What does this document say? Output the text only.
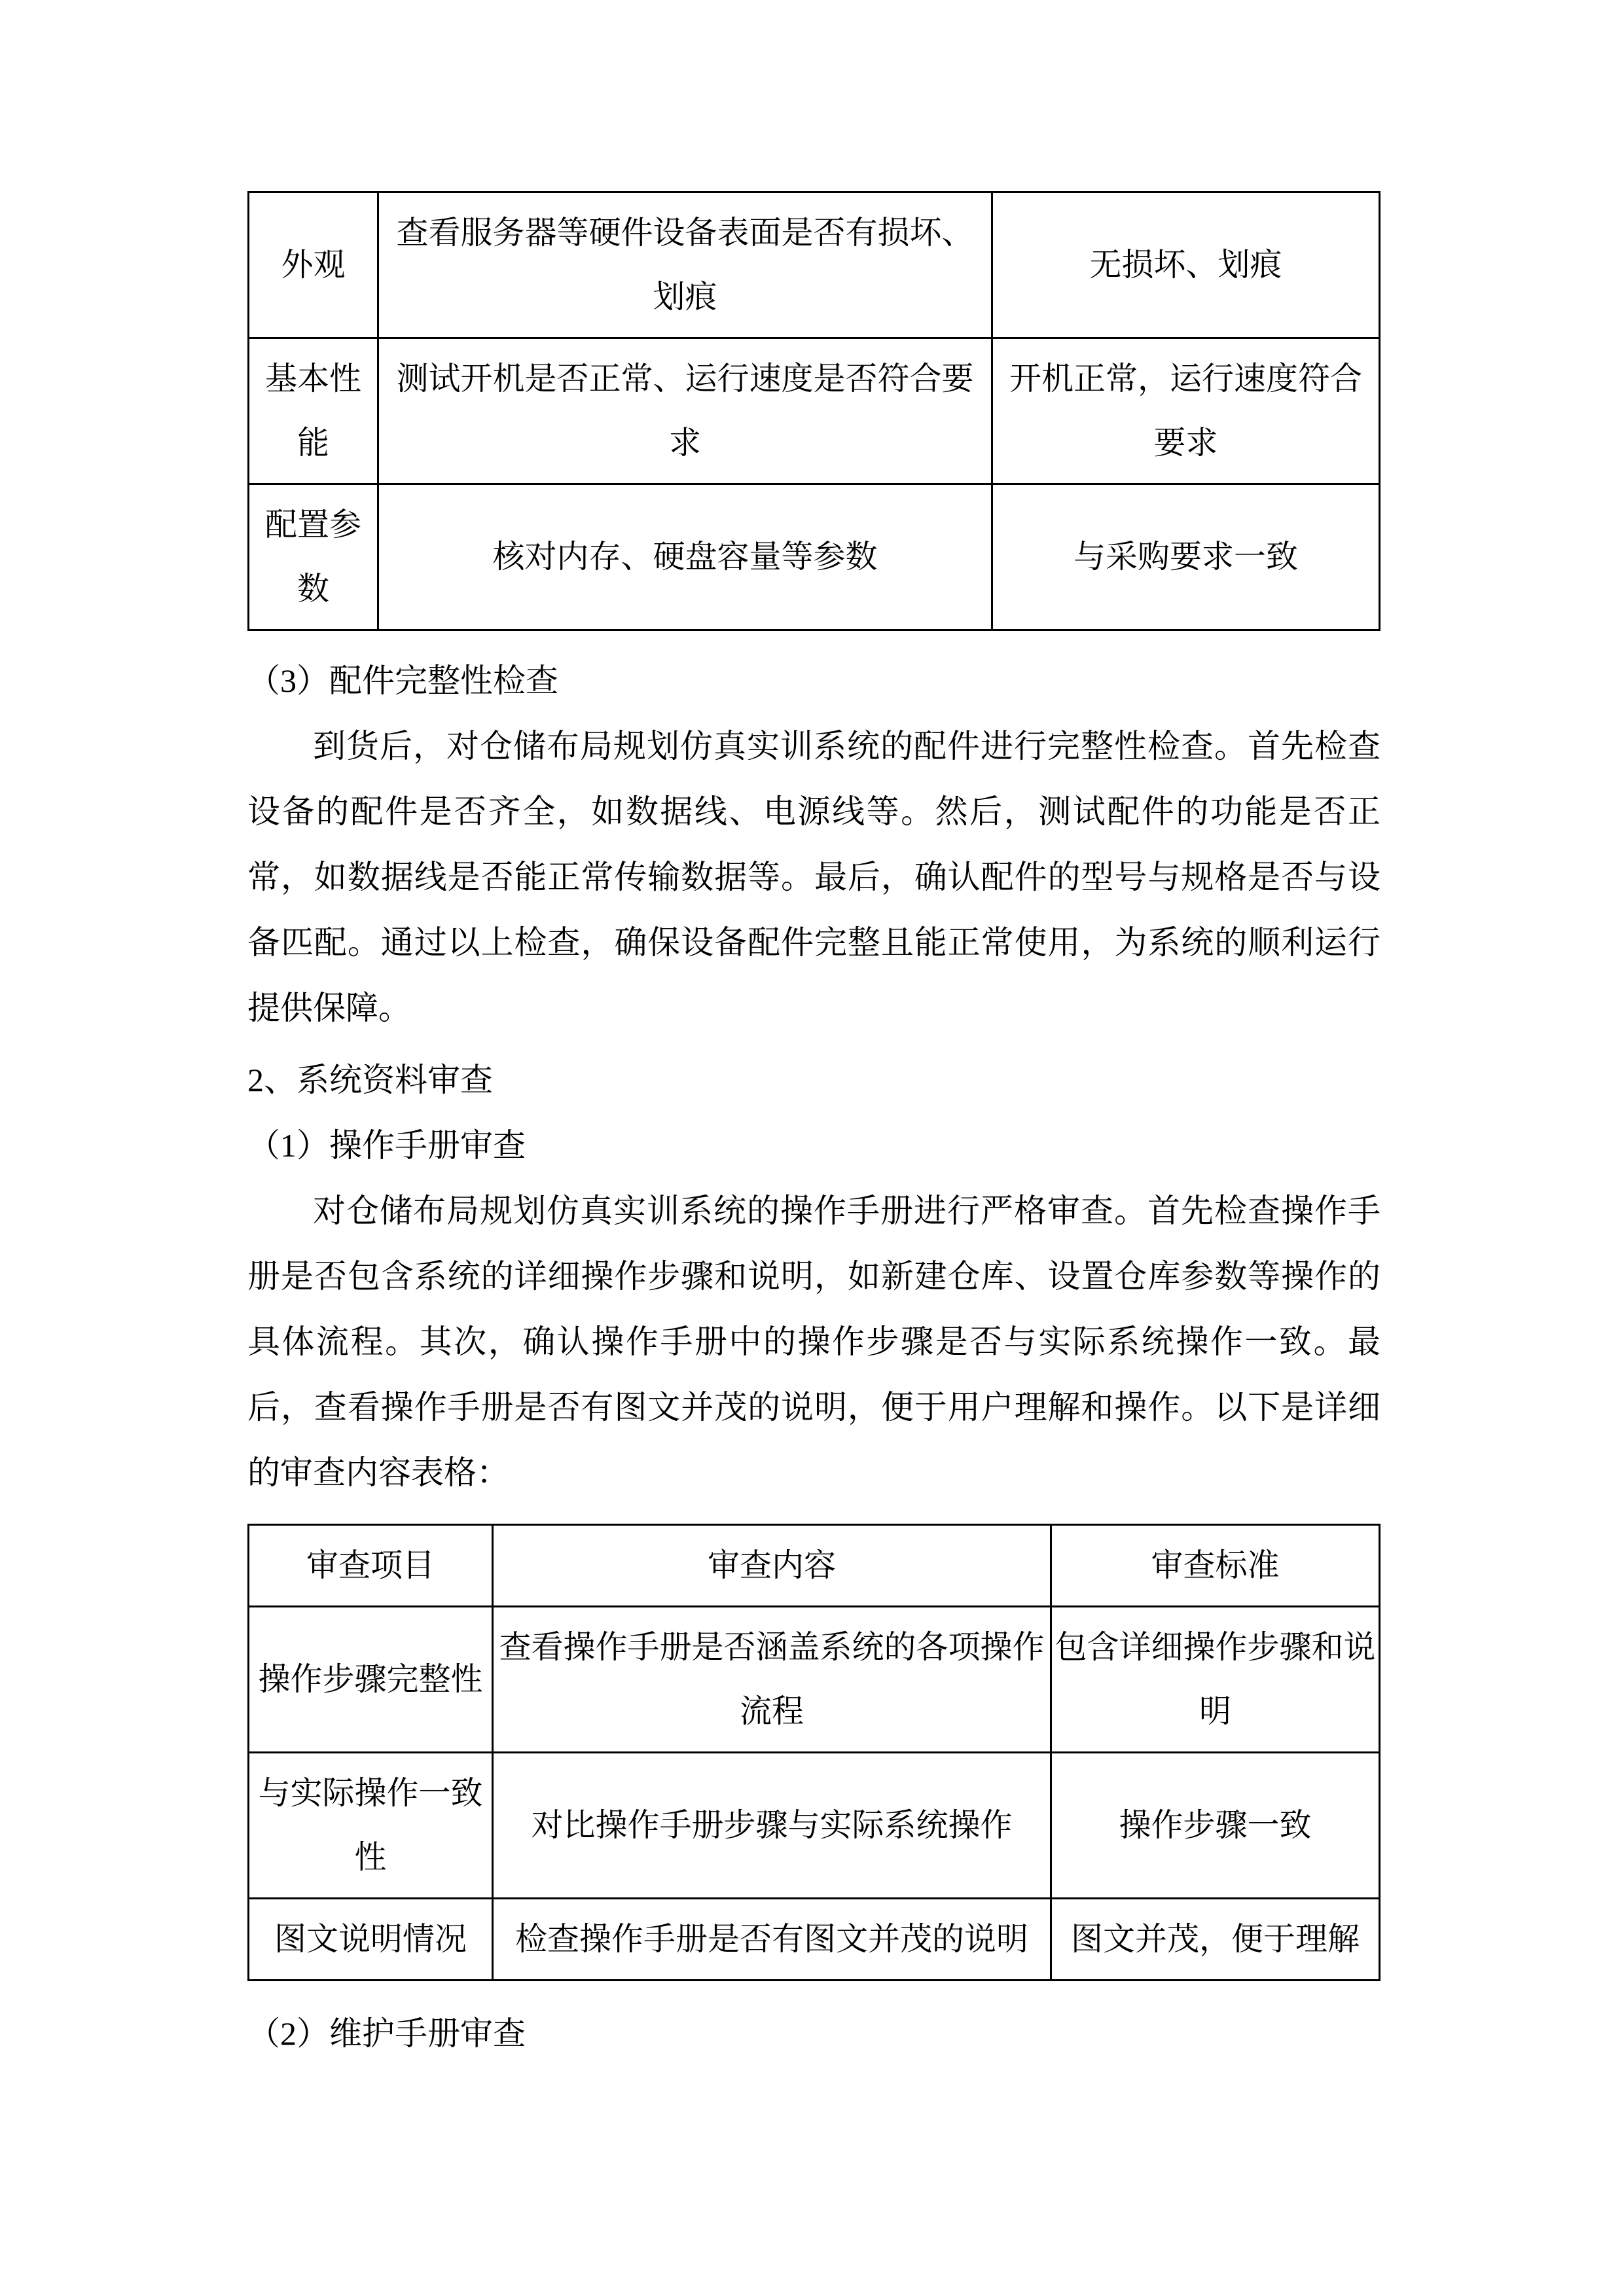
外观	查看服务器等硬件设备表面是否有损坏、划痕	无损坏、划痕
基本性能	测试开机是否正常、运行速度是否符合要求	开机正常，运行速度符合要求
配置参数	核对内存、硬盘容量等参数	与采购要求一致
（3）配件完整性检查

到货后，对仓储布局规划仿真实训系统的配件进行完整性检查。首先检查设备的配件是否齐全，如数据线、电源线等。然后，测试配件的功能是否正常，如数据线是否能正常传输数据等。最后，确认配件的型号与规格是否与设备匹配。通过以上检查，确保设备配件完整且能正常使用，为系统的顺利运行提供保障。

2、系统资料审查
（1）操作手册审查

对仓储布局规划仿真实训系统的操作手册进行严格审查。首先检查操作手册是否包含系统的详细操作步骤和说明，如新建仓库、设置仓库参数等操作的具体流程。其次，确认操作手册中的操作步骤是否与实际系统操作一致。最后，查看操作手册是否有图文并茂的说明，便于用户理解和操作。以下是详细的审查内容表格：

审查项目	审查内容	审查标准
操作步骤完整性	查看操作手册是否涵盖系统的各项操作流程	包含详细操作步骤和说明
与实际操作一致性	对比操作手册步骤与实际系统操作	操作步骤一致
图文说明情况	检查操作手册是否有图文并茂的说明	图文并茂，便于理解
（2）维护手册审查
